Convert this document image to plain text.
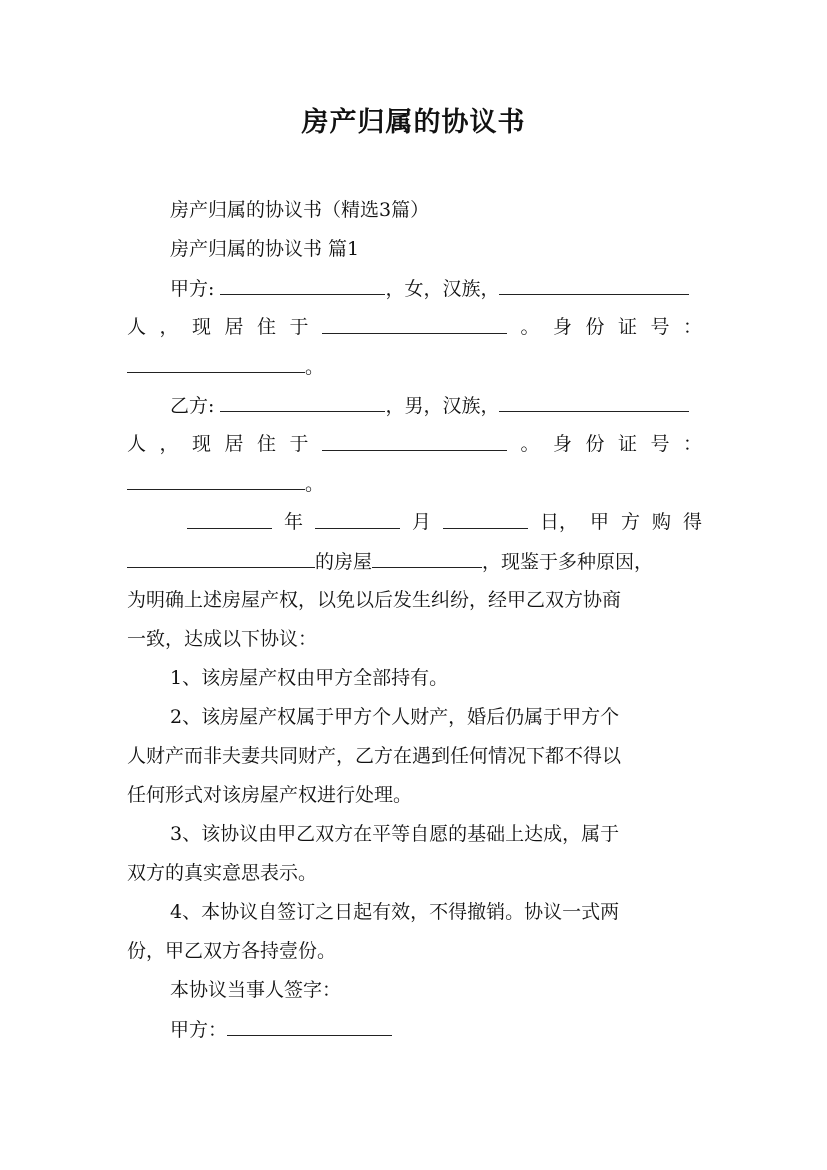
房产归属的协议书
房产归属的协议书（精选3篇）
房产归属的协议书 篇1
甲方:	，女，汉族，
人 ， 现 居 住 于	。 身 份 证 号 ：
。
乙方:	，男，汉族，
人 ， 现 居 住 于	。 身 份 证 号 ：
。
年	月	日， 甲 方 购 得
的房屋	，现鉴于多种原因，
为明确上述房屋产权，以免以后发生纠纷，经甲乙双方协商
一致，达成以下协议：
1、该房屋产权由甲方全部持有。
2、该房屋产权属于甲方个人财产，婚后仍属于甲方个
人财产而非夫妻共同财产，乙方在遇到任何情况下都不得以
任何形式对该房屋产权进行处理。
3、该协议由甲乙双方在平等自愿的基础上达成，属于
双方的真实意思表示。
4、本协议自签订之日起有效，不得撤销。协议一式两
份，甲乙双方各持壹份。
本协议当事人签字：
甲方：
